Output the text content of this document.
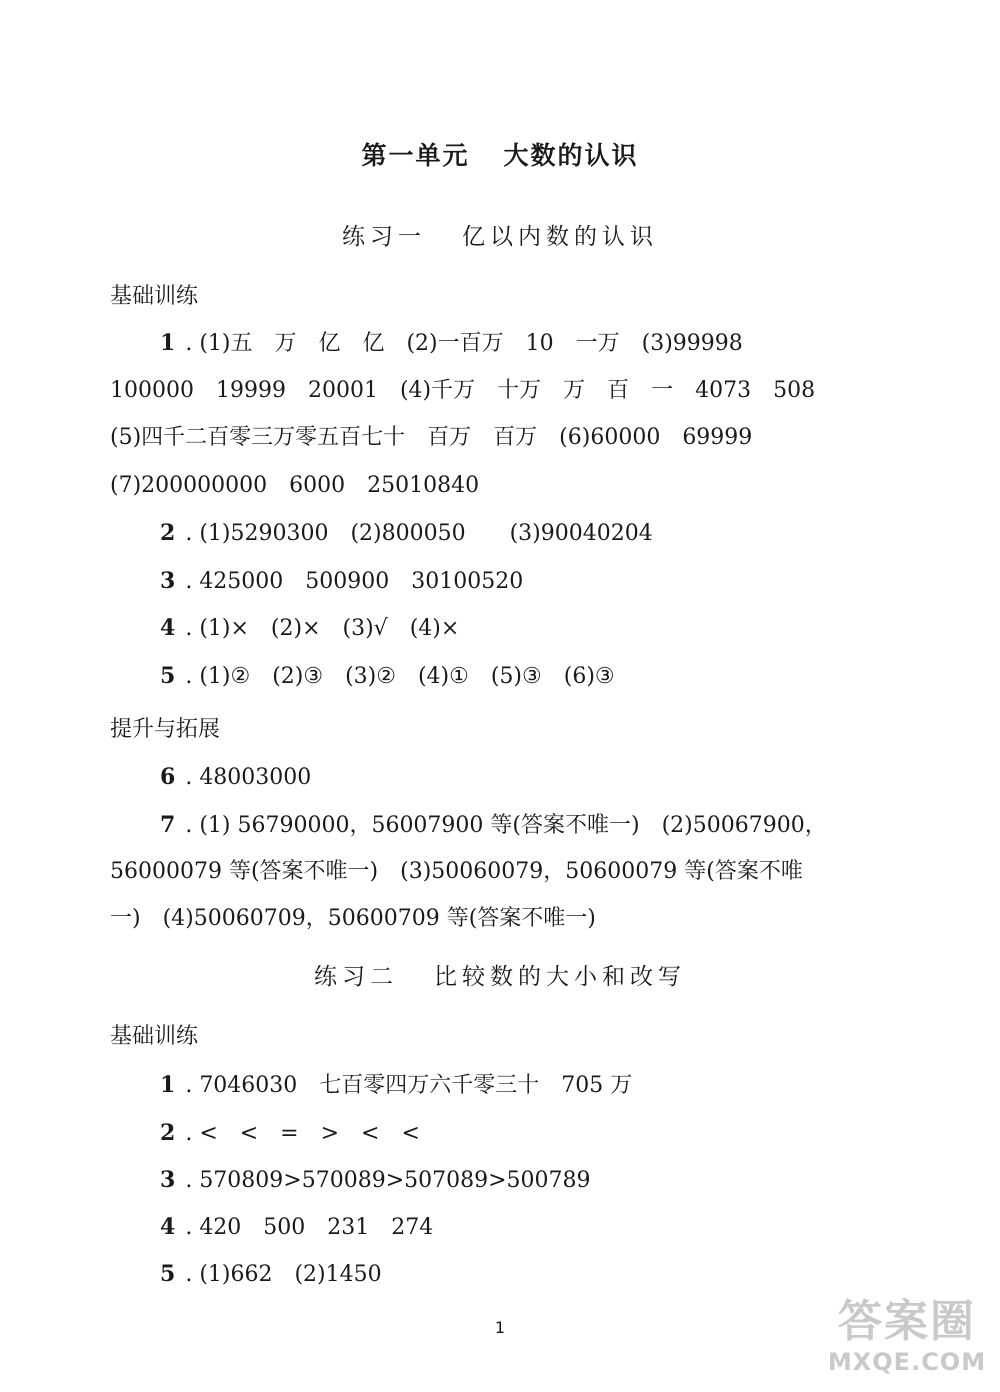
第一单元 大数的认识
练习一 亿以内数的认识
基础训练
1 . (1)五　万　亿　亿　(2)一百万　10　一万　(3)99998
100000　19999　20001　(4)千万　十万　万　百　一　4073　508
(5)四千二百零三万零五百七十　百万　百万　(6)60000　69999
(7)200000000　6000　25010840
2 . (1)5290300　(2)800050　　(3)90040204
3 . 425000　500900　30100520
4 . (1)×　(2)×　(3)√　(4)×
5 . (1)②　(2)③　(3)②　(4)①　(5)③　(6)③
提升与拓展
6 . 48003000
7 . (1) 56790000，56007900 等(答案不唯一)　(2)50067900，
56000079 等(答案不唯一)　(3)50060079，50600079 等(答案不唯
一)　(4)50060709，50600709 等(答案不唯一)
练习二 比较数的大小和改写
基础训练
1 . 7046030　七百零四万六千零三十　705 万
2 . <　<　=　>　<　<
3 . 570809>570089>507089>500789
4 . 420　500　231　274
5 . (1)662　(2)1450
1	答案圈
MXQE.COM
